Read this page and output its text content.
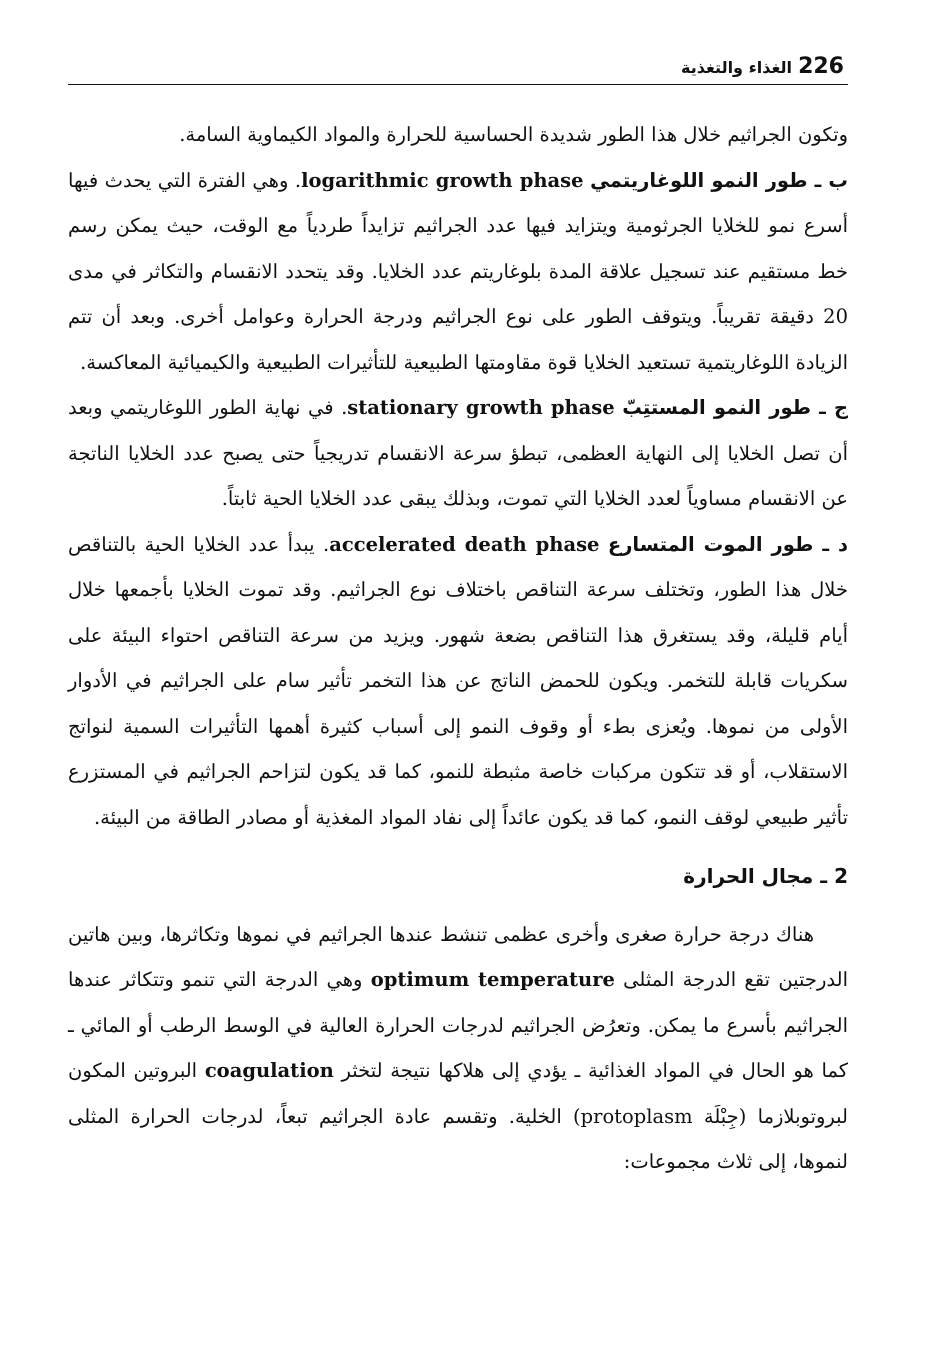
226
الغذاء والتغذية

وتكون الجراثيم خلال هذا الطور شديدة الحساسية للحرارة والمواد الكيماوية السامة.

ب ـ طور النمو اللوغاريتمي logarithmic growth phase. وهي الفترة التي يحدث فيها أسرع نمو للخلايا الجرثومية ويتزايد فيها عدد الجراثيم تزايداً طردياً مع الوقت، حيث يمكن رسم خط مستقيم عند تسجيل علاقة المدة بلوغاريتم عدد الخلايا. وقد يتحدد الانقسام والتكاثر في مدى 20 دقيقة تقريباً. ويتوقف الطور على نوع الجراثيم ودرجة الحرارة وعوامل أخرى. وبعد أن تتم الزيادة اللوغاريتمية تستعيد الخلايا قوة مقاومتها الطبيعية للتأثيرات الطبيعية والكيميائية المعاكسة.

ج ـ طور النمو المستتِبّ stationary growth phase. في نهاية الطور اللوغاريتمي وبعد أن تصل الخلايا إلى النهاية العظمى، تبطؤ سرعة الانقسام تدريجياً حتى يصبح عدد الخلايا الناتجة عن الانقسام مساوياً لعدد الخلايا التي تموت، وبذلك يبقى عدد الخلايا الحية ثابتاً.

د ـ طور الموت المتسارع accelerated death phase. يبدأ عدد الخلايا الحية بالتناقص خلال هذا الطور، وتختلف سرعة التناقص باختلاف نوع الجراثيم. وقد تموت الخلايا بأجمعها خلال أيام قليلة، وقد يستغرق هذا التناقص بضعة شهور. ويزيد من سرعة التناقص احتواء البيئة على سكريات قابلة للتخمر. ويكون للحمض الناتج عن هذا التخمر تأثير سام على الجراثيم في الأدوار الأولى من نموها. ويُعزى بطء أو وقوف النمو إلى أسباب كثيرة أهمها التأثيرات السمية لنواتج الاستقلاب، أو قد تتكون مركبات خاصة مثبطة للنمو، كما قد يكون لتزاحم الجراثيم في المستزرع تأثير طبيعي لوقف النمو، كما قد يكون عائداً إلى نفاد المواد المغذية أو مصادر الطاقة من البيئة.

2 ـ مجال الحرارة

هناك درجة حرارة صغرى وأخرى عظمى تنشط عندها الجراثيم في نموها وتكاثرها، وبين هاتين الدرجتين تقع الدرجة المثلى optimum temperature وهي الدرجة التي تنمو وتتكاثر عندها الجراثيم بأسرع ما يمكن. وتعرُض الجراثيم لدرجات الحرارة العالية في الوسط الرطب أو المائي ـ كما هو الحال في المواد الغذائية ـ يؤدي إلى هلاكها نتيجة لتخثر coagulation البروتين المكون لبروتوبلازما (جِبْلَة protoplasm) الخلية. وتقسم عادة الجراثيم تبعاً، لدرجات الحرارة المثلى لنموها، إلى ثلاث مجموعات:
